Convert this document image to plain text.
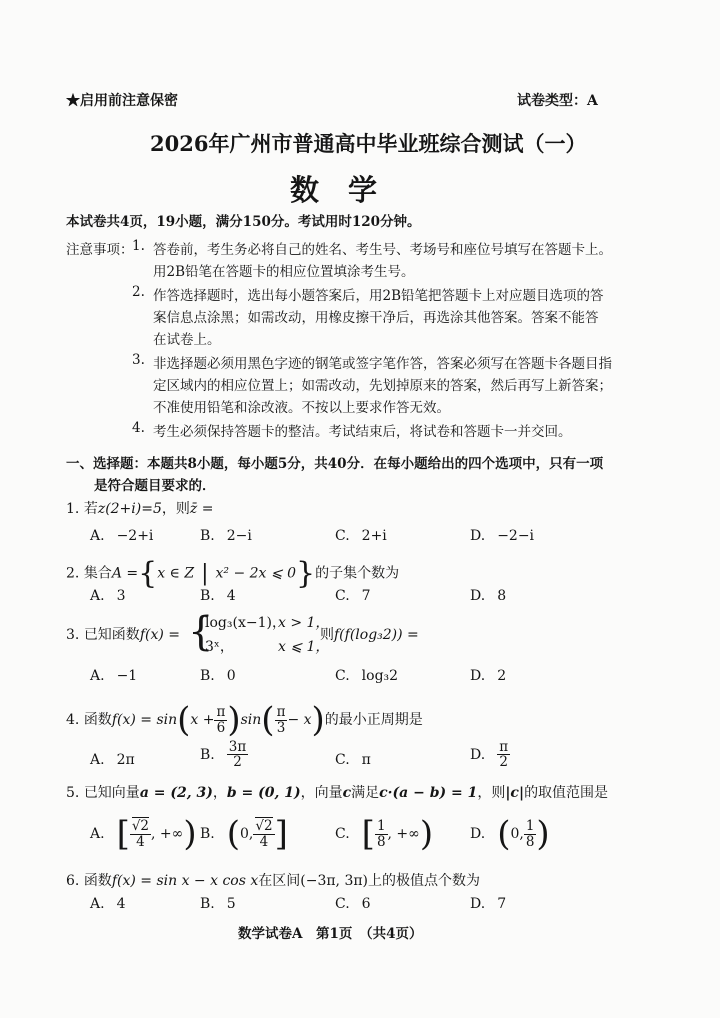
★启用前注意保密	试卷类型：A
2026年广州市普通高中毕业班综合测试（一）
数　学
本试卷共4页，19小题，满分150分。考试用时120分钟。
注意事项：
1. 答卷前，考生务必将自己的姓名、考生号、考场号和座位号填写在答题卡上。
用2B铅笔在答题卡的相应位置填涂考生号。
2. 作答选择题时，选出每小题答案后，用2B铅笔把答题卡上对应题目选项的答
案信息点涂黑；如需改动，用橡皮擦干净后，再选涂其他答案。答案不能答
在试卷上。
3. 非选择题必须用黑色字迹的钢笔或签字笔作答，答案必须写在答题卡各题目指
定区域内的相应位置上；如需改动，先划掉原来的答案，然后再写上新答案；
不准使用铅笔和涂改液。不按以上要求作答无效。
4. 考生必须保持答题卡的整洁。考试结束后，将试卷和答题卡一并交回。
一、选择题：本题共8小题，每小题5分，共40分．在每小题给出的四个选项中，只有一项
是符合题目要求的．
1. 若z(2+i)=5，则z̄ =
A. −2+i	B. 2−i	C. 2+i	D. −2−i
2. 集合A ={x ∈ Z | x² − 2x ⩽ 0}的子集个数为
A. 3	B. 4	C. 7	D. 8
3. 已知函数f(x) = {
log₃(x−1)，
x > 1，
3ˣ，	x ⩽ 1，
则f(f(log₃2)) =
A. −1	B. 0	C. log₃2	D. 2
4. 函数$f(x) = \sin(x + \frac{\pi}{6} )\sin( \frac{\pi}{3} - x)$的最小正周期是
A. 2π	B. $\frac{3\pi}{2}$	C. π	D. $\frac{\pi}{2}$
5. 已知向量a = (2, 3)，b = (0, 1)，向量c满足c·(a − b) = 1，则|c|的取值范围是
A. [ $\frac{√2}{4}$ , +∞) B. (0, $\frac{√2}{4}$ ]	C. [ $\frac{1}{8}$ , +∞)	D. (0, $\frac{1}{8}$ )
6. 函数f(x) = sin x − x cos x在区间(−3π, 3π)上的极值点个数为
A. 4	B. 5	C. 6	D. 7
数学试卷A　第1页　（共4页）
